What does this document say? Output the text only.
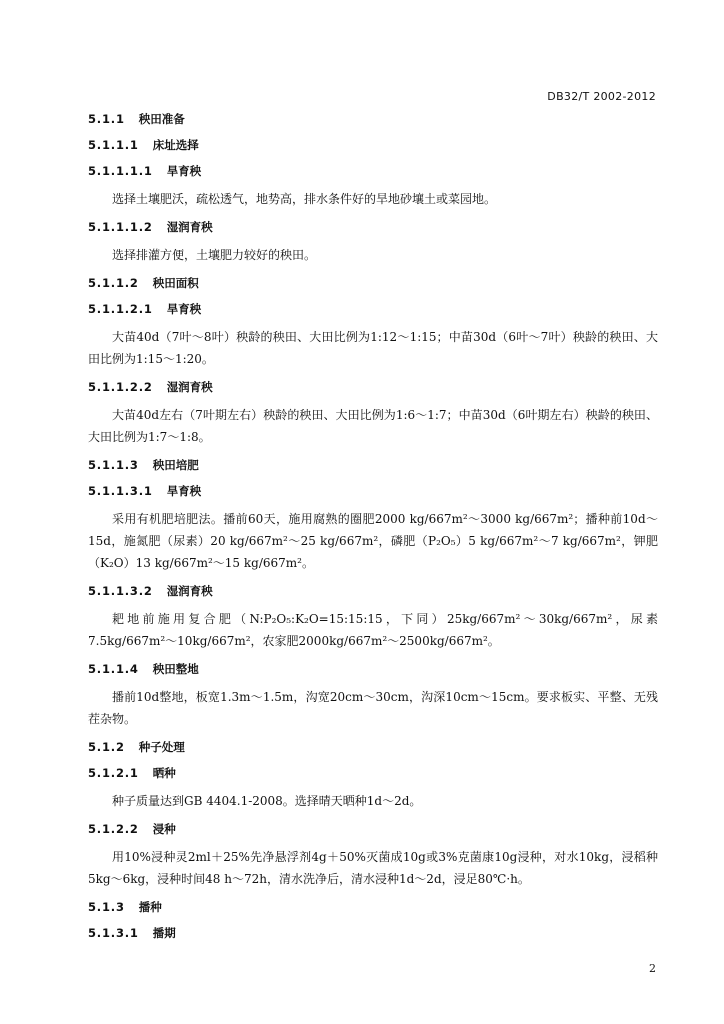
DB32/T 2002-2012
5.1.1 秧田准备
5.1.1.1 床址选择
5.1.1.1.1 旱育秧

选择土壤肥沃，疏松透气，地势高，排水条件好的旱地砂壤土或菜园地。

5.1.1.1.2 湿润育秧

选择排灌方便，土壤肥力较好的秧田。

5.1.1.2 秧田面积
5.1.1.2.1 旱育秧

大苗40d（7叶～8叶）秧龄的秧田、大田比例为1:12～1:15；中苗30d（6叶～7叶）秧龄的秧田、大田比例为1:15～1:20。

5.1.1.2.2 湿润育秧

大苗40d左右（7叶期左右）秧龄的秧田、大田比例为1:6～1:7；中苗30d（6叶期左右）秧龄的秧田、大田比例为1:7～1:8。

5.1.1.3 秧田培肥
5.1.1.3.1 旱育秧

采用有机肥培肥法。播前60天，施用腐熟的圈肥2000 kg/667m²～3000 kg/667m²；播种前10d～15d，施氮肥（尿素）20 kg/667m²～25 kg/667m²，磷肥（P₂O₅）5 kg/667m²～7 kg/667m²，钾肥（K₂O）13 kg/667m²～15 kg/667m²。

5.1.1.3.2 湿润育秧

耙地前施用复合肥（N:P₂O₅:K₂O=15:15:15，下同）25kg/667m²～30kg/667m²，尿素7.5kg/667m²～10kg/667m²，农家肥2000kg/667m²～2500kg/667m²。

5.1.1.4 秧田整地

播前10d整地，板宽1.3m～1.5m，沟宽20cm～30cm，沟深10cm～15cm。要求板实、平整、无残茬杂物。

5.1.2 种子处理
5.1.2.1 晒种

种子质量达到GB 4404.1-2008。选择晴天晒种1d～2d。

5.1.2.2 浸种

用10%浸种灵2ml＋25%先净悬浮剂4g＋50%灭菌成10g或3%克菌康10g浸种，对水10kg，浸稻种5kg～6kg，浸种时间48 h～72h，清水洗净后，清水浸种1d～2d，浸足80℃·h。

5.1.3 播种
5.1.3.1 播期
2
